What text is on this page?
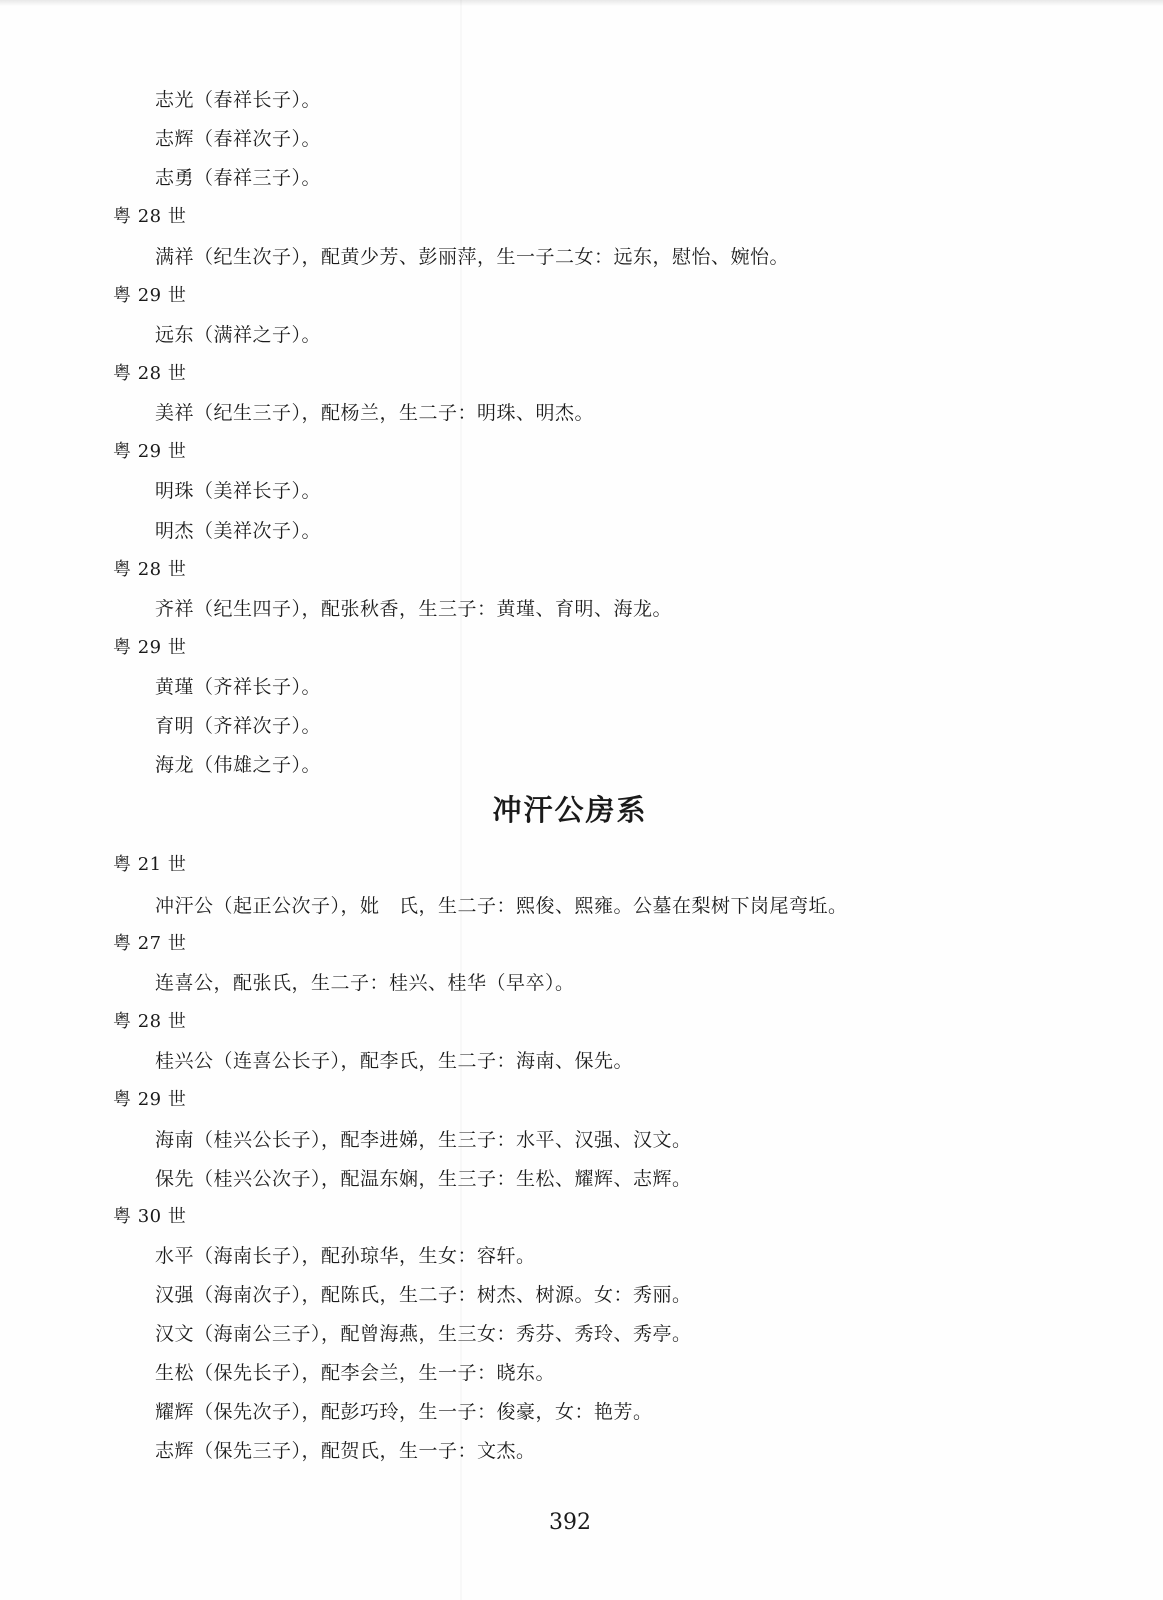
志光（春祥长子）。
志辉（春祥次子）。
志勇（春祥三子）。
粤 28 世
满祥（纪生次子），配黄少芳、彭丽萍，生一子二女：远东，慰怡、婉怡。
粤 29 世
远东（满祥之子）。
粤 28 世
美祥（纪生三子），配杨兰，生二子：明珠、明杰。
粤 29 世
明珠（美祥长子）。
明杰（美祥次子）。
粤 28 世
齐祥（纪生四子），配张秋香，生三子：黄瑾、育明、海龙。
粤 29 世
黄瑾（齐祥长子）。
育明（齐祥次子）。
海龙（伟雄之子）。
冲汗公房系
粤 21 世
冲汗公（起正公次子），妣　氏，生二子：熙俊、熙雍。公墓在梨树下岗尾弯坵。
粤 27 世
连喜公，配张氏，生二子：桂兴、桂华（早卒）。
粤 28 世
桂兴公（连喜公长子），配李氏，生二子：海南、保先。
粤 29 世
海南（桂兴公长子），配李进娣，生三子：水平、汉强、汉文。
保先（桂兴公次子），配温东娴，生三子：生松、耀辉、志辉。
粤 30 世
水平（海南长子），配孙琼华，生女：容轩。
汉强（海南次子），配陈氏，生二子：树杰、树源。女：秀丽。
汉文（海南公三子），配曾海燕，生三女：秀芬、秀玲、秀亭。
生松（保先长子），配李会兰，生一子：晓东。
耀辉（保先次子），配彭巧玲，生一子：俊豪，女：艳芳。
志辉（保先三子），配贺氏，生一子：文杰。
392
